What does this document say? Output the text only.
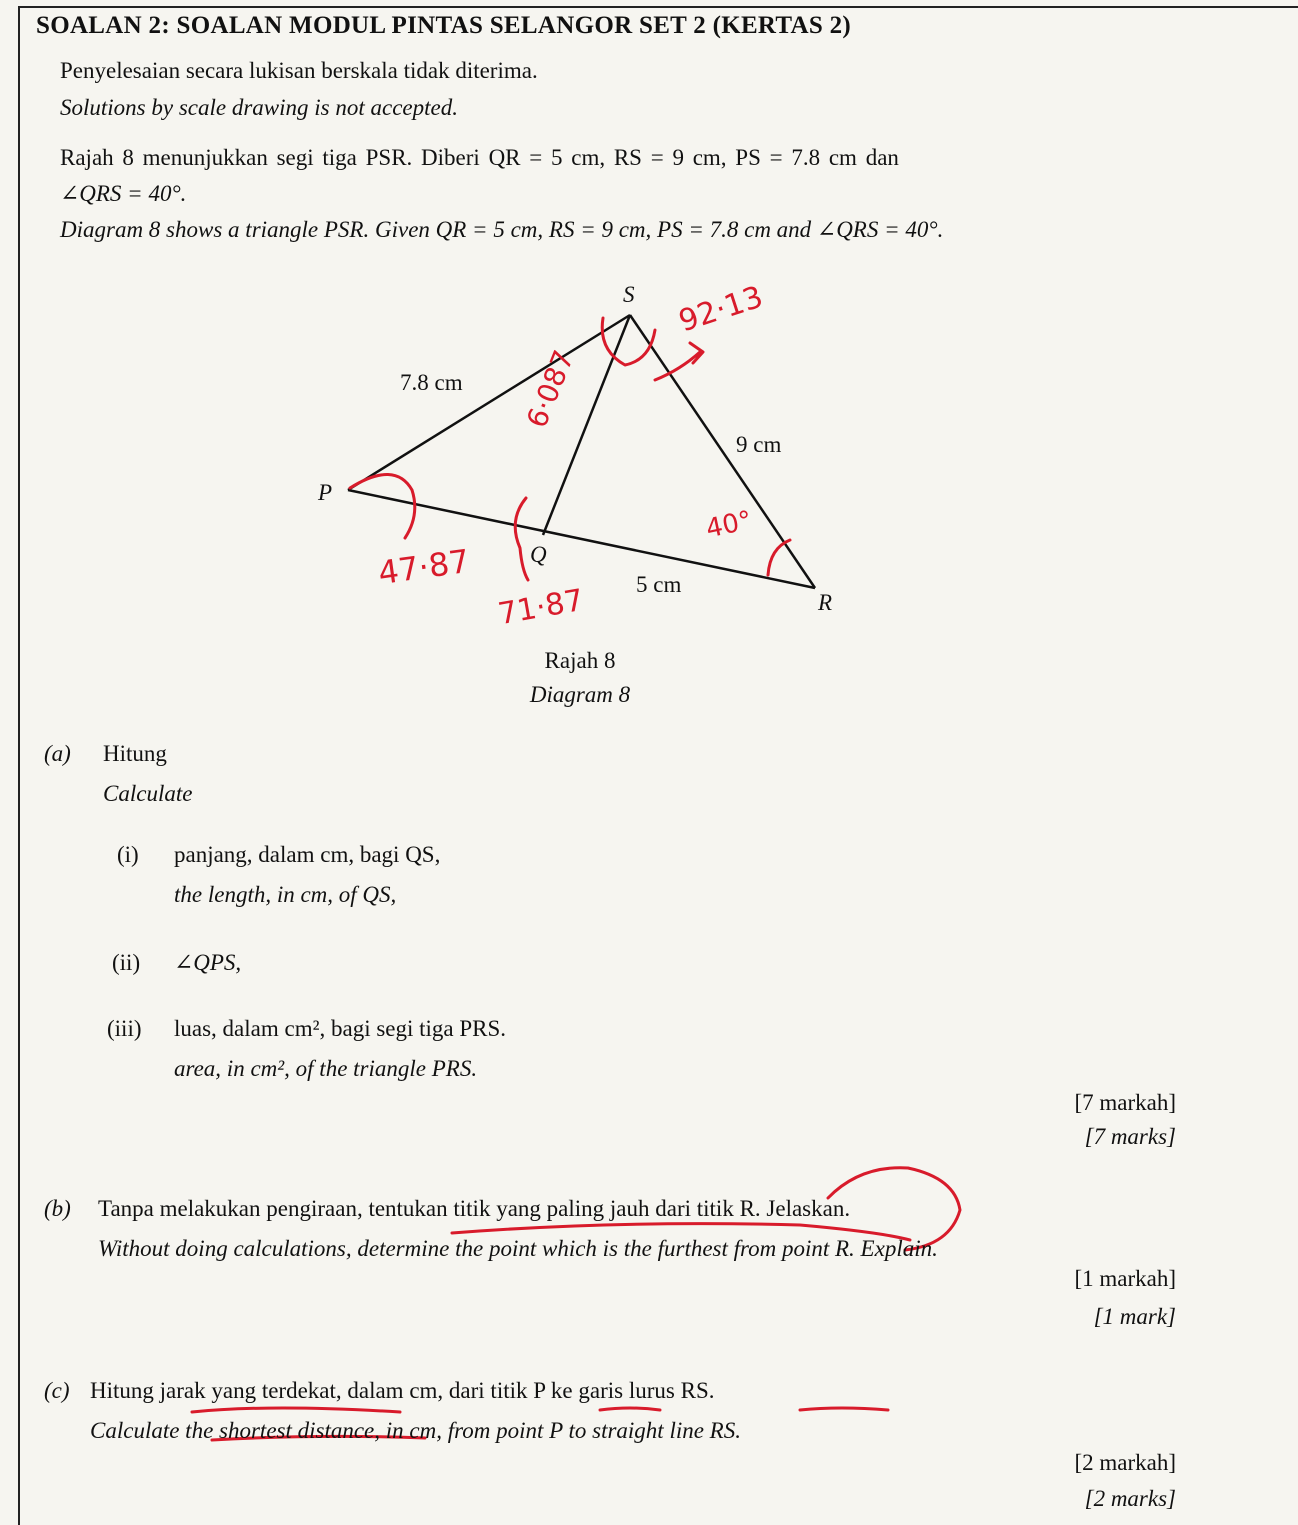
SOALAN 2: SOALAN MODUL PINTAS SELANGOR SET 2 (KERTAS 2)
Penyelesaian secara lukisan berskala tidak diterima.
Solutions by scale drawing is not accepted.
Rajah 8 menunjukkan segi tiga PSR. Diberi QR = 5 cm, RS = 9 cm, PS = 7.8 cm dan
∠QRS = 40°.
Diagram 8 shows a triangle PSR. Given QR = 5 cm, RS = 9 cm, PS = 7.8 cm and ∠QRS = 40°.
S
P
Q
R
7.8 cm
9 cm
5 cm
92·13
6·087
40°
47·87
71·87
Rajah 8
Diagram 8
(a) Hitung
Calculate
(i) panjang, dalam cm, bagi QS,
the length, in cm, of QS,
(ii) ∠QPS,
(iii) luas, dalam cm², bagi segi tiga PRS.
area, in cm², of the triangle PRS.
[7 markah]
[7 marks]
(b) Tanpa melakukan pengiraan, tentukan titik yang paling jauh dari titik R. Jelaskan.
Without doing calculations, determine the point which is the furthest from point R. Explain.
[1 markah]
[1 mark]
(c) Hitung jarak yang terdekat, dalam cm, dari titik P ke garis lurus RS.
Calculate the shortest distance, in cm, from point P to straight line RS.
[2 markah]
[2 marks]
